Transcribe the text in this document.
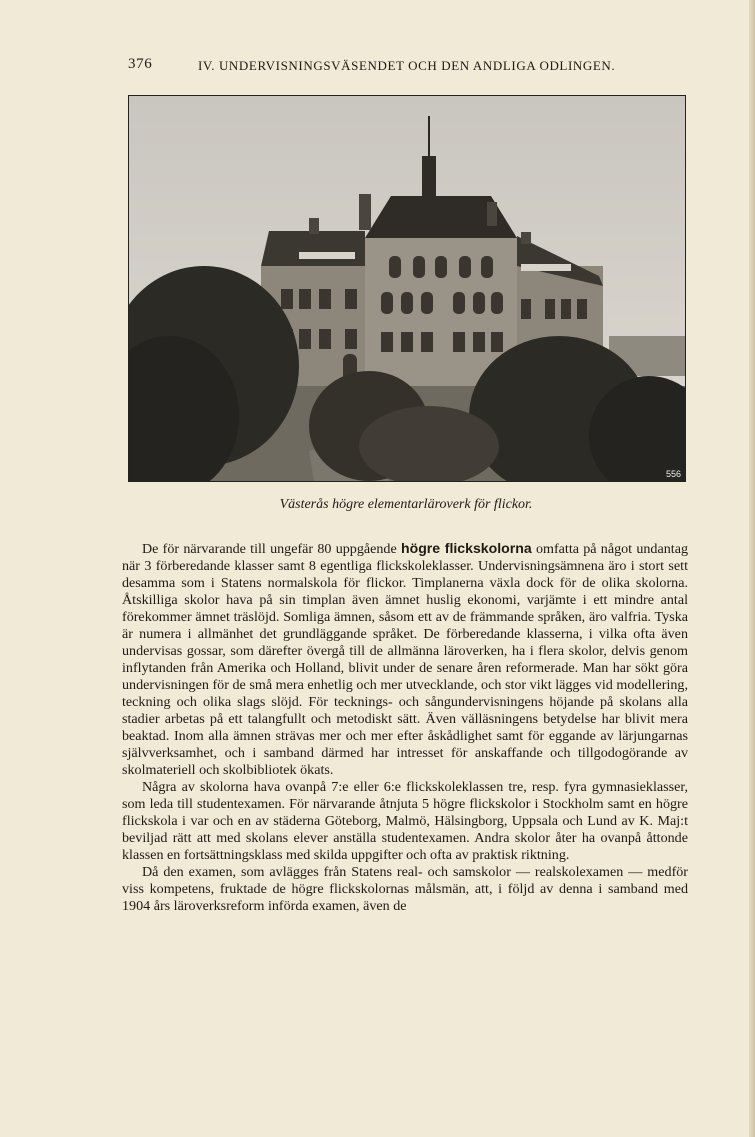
376	IV. UNDERVISNINGSVÄSENDET OCH DEN ANDLIGA ODLINGEN.
556
Västerås högre elementarläroverk för flickor.

De för närvarande till ungefär 80 uppgående högre flickskolorna omfatta på något undantag när 3 förberedande klasser samt 8 egentliga flickskoleklasser. Undervisningsämnena äro i stort sett desamma som i Statens normalskola för flickor. Timplanerna växla dock för de olika skolorna. Åtskilliga skolor hava på sin timplan även ämnet huslig ekonomi, varjämte i ett mindre antal förekommer ämnet träslöjd. Somliga ämnen, såsom ett av de främmande språken, äro valfria. Tyska är numera i allmänhet det grundläggande språket. De förberedande klasserna, i vilka ofta även undervisas gossar, som därefter övergå till de allmänna läroverken, ha i flera skolor, delvis genom inflytanden från Amerika och Holland, blivit under de senare åren reformerade. Man har sökt göra undervisningen för de små mera enhetlig och mer utvecklande, och stor vikt lägges vid modellering, teckning och olika slags slöjd. För tecknings- och sångundervisningens höjande på skolans alla stadier arbetas på ett talangfullt och metodiskt sätt. Även välläsningens betydelse har blivit mera beaktad. Inom alla ämnen strävas mer och mer efter åskådlighet samt för eggande av lärjungarnas självverksamhet, och i samband därmed har intresset för anskaffande och tillgodogörande av skolmateriell och skolbibliotek ökats.

Några av skolorna hava ovanpå 7:e eller 6:e flickskoleklassen tre, resp. fyra gymnasieklasser, som leda till studentexamen. För närvarande åtnjuta 5 högre flickskolor i Stockholm samt en högre flickskola i var och en av städerna Göteborg, Malmö, Hälsingborg, Uppsala och Lund av K. Maj:t beviljad rätt att med skolans elever anställa studentexamen. Andra skolor åter ha ovanpå åttonde klassen en fortsättningsklass med skilda uppgifter och ofta av praktisk riktning.

Då den examen, som avlägges från Statens real- och samskolor — realskolexamen — medför viss kompetens, fruktade de högre flickskolornas målsmän, att, i följd av denna i samband med 1904 års läroverksreform införda examen, även de
